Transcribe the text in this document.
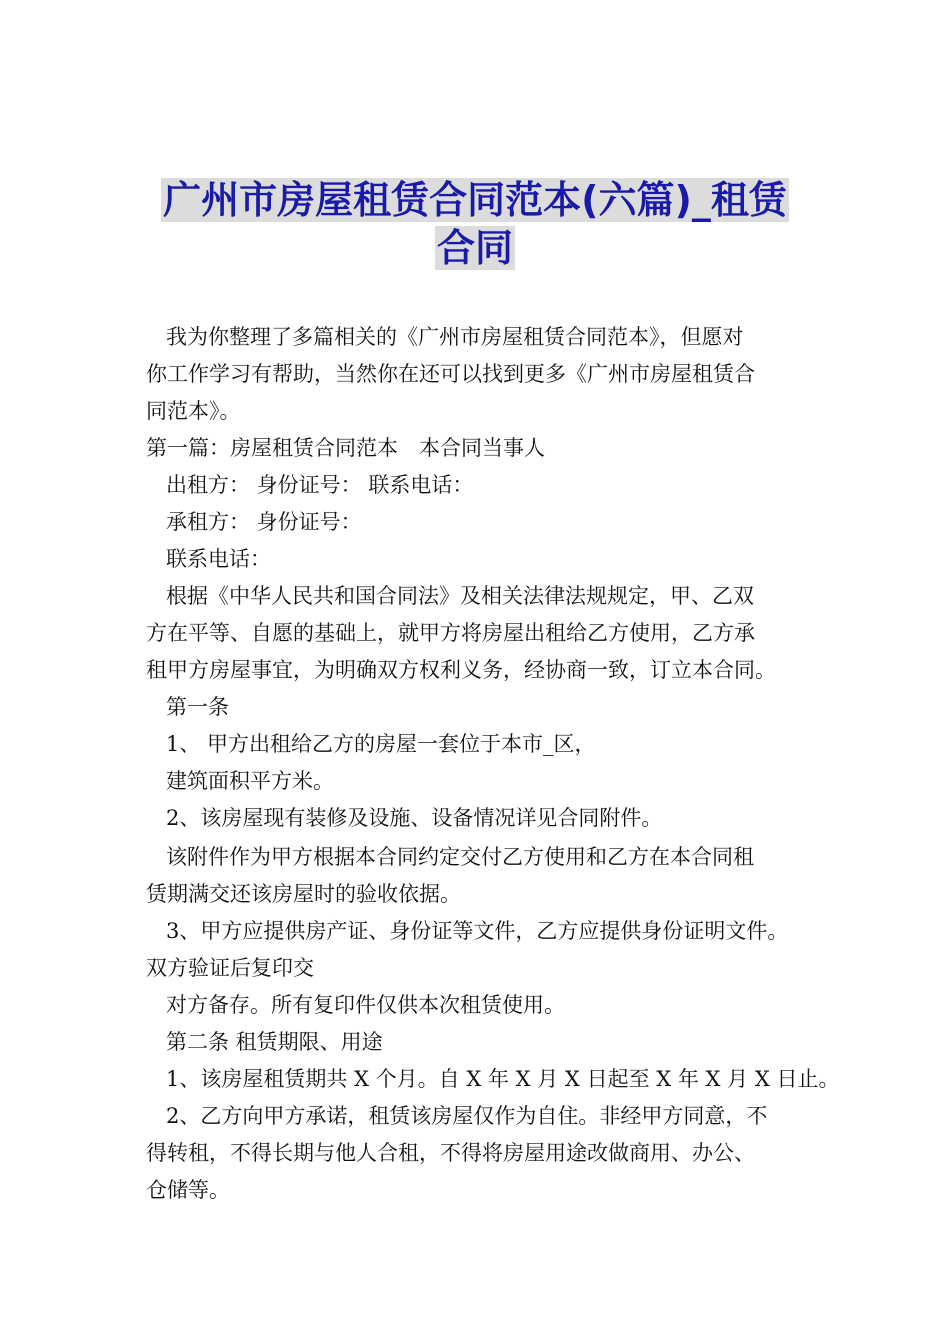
广州市房屋租赁合同范本(六篇)_租赁
合同
我为你整理了多篇相关的《广州市房屋租赁合同范本》，但愿对
你工作学习有帮助，当然你在还可以找到更多《广州市房屋租赁合
同范本》。
第一篇：房屋租赁合同范本　本合同当事人
出租方： 身份证号： 联系电话：
承租方： 身份证号：
联系电话：
根据《中华人民共和国合同法》及相关法律法规规定，甲、乙双
方在平等、自愿的基础上，就甲方将房屋出租给乙方使用，乙方承
租甲方房屋事宜，为明确双方权利义务，经协商一致，订立本合同。
第一条
1、 甲方出租给乙方的房屋一套位于本市_区，
建筑面积平方米。
2、该房屋现有装修及设施、设备情况详见合同附件。
该附件作为甲方根据本合同约定交付乙方使用和乙方在本合同租
赁期满交还该房屋时的验收依据。
3、甲方应提供房产证、身份证等文件，乙方应提供身份证明文件。
双方验证后复印交
对方备存。所有复印件仅供本次租赁使用。
第二条 租赁期限、用途
1、该房屋租赁期共 X 个月。自 X 年 X 月 X 日起至 X 年 X 月 X 日止。
2、乙方向甲方承诺，租赁该房屋仅作为自住。非经甲方同意，不
得转租，不得长期与他人合租，不得将房屋用途改做商用、办公、
仓储等。
